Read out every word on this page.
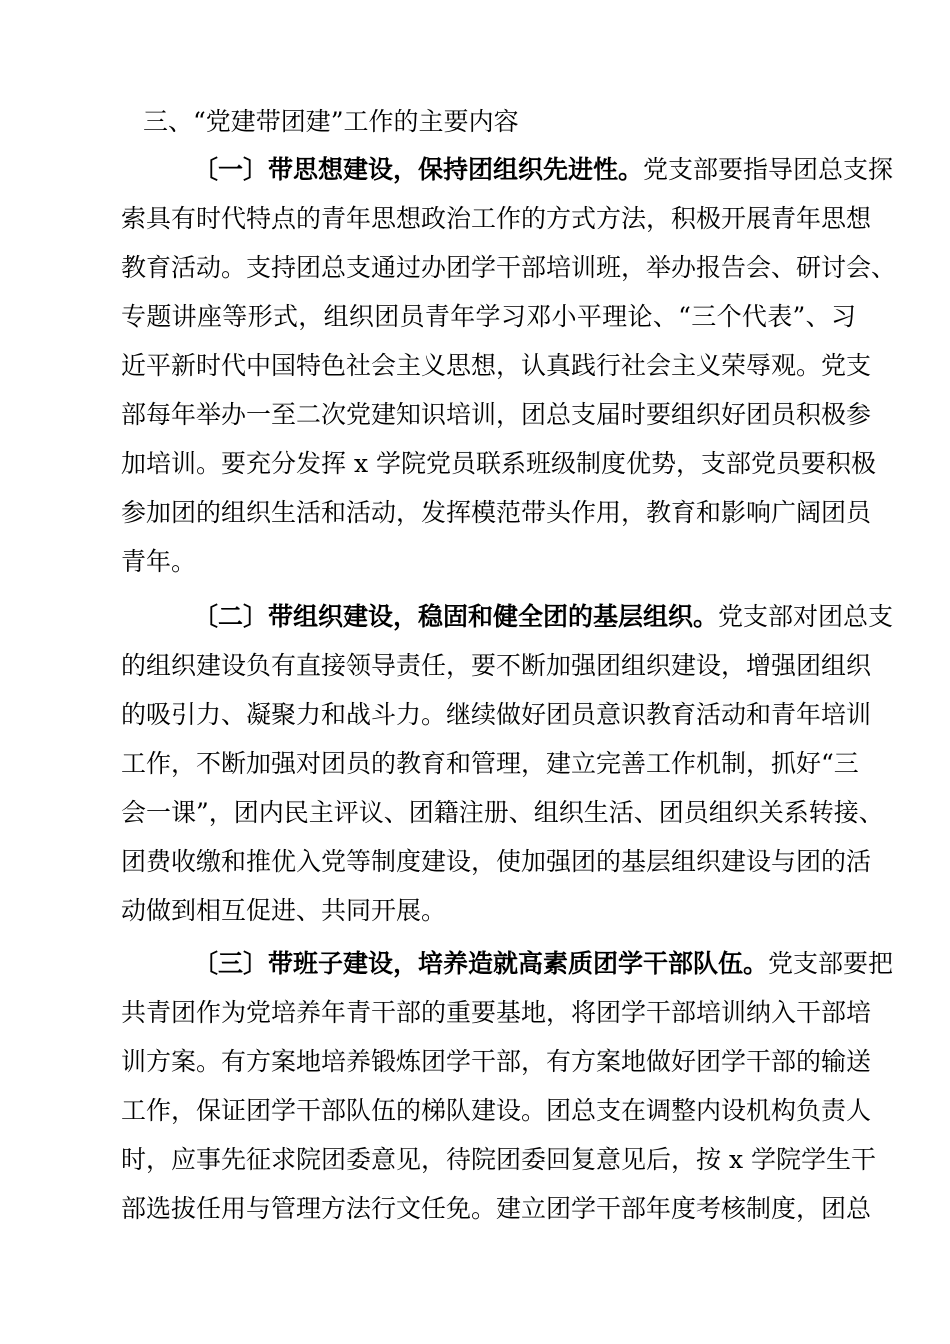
三、“党建带团建”工作的主要内容
〔一〕带思想建设，保持团组织先进性。党支部要指导团总支探
索具有时代特点的青年思想政治工作的方式方法，积极开展青年思想
教育活动。支持团总支通过办团学干部培训班，举办报告会、研讨会、
专题讲座等形式，组织团员青年学习邓小平理论、“三个代表”、习
近平新时代中国特色社会主义思想，认真践行社会主义荣辱观。党支
部每年举办一至二次党建知识培训，团总支届时要组织好团员积极参
加培训。要充分发挥 x 学院党员联系班级制度优势，支部党员要积极
参加团的组织生活和活动，发挥模范带头作用，教育和影响广阔团员
青年。
〔二〕带组织建设，稳固和健全团的基层组织。党支部对团总支
的组织建设负有直接领导责任，要不断加强团组织建设，增强团组织
的吸引力、凝聚力和战斗力。继续做好团员意识教育活动和青年培训
工作，不断加强对团员的教育和管理，建立完善工作机制，抓好“三
会一课”，团内民主评议、团籍注册、组织生活、团员组织关系转接、
团费收缴和推优入党等制度建设，使加强团的基层组织建设与团的活
动做到相互促进、共同开展。
〔三〕带班子建设，培养造就高素质团学干部队伍。党支部要把
共青团作为党培养年青干部的重要基地，将团学干部培训纳入干部培
训方案。有方案地培养锻炼团学干部，有方案地做好团学干部的输送
工作，保证团学干部队伍的梯队建设。团总支在调整内设机构负责人
时，应事先征求院团委意见，待院团委回复意见后，按 x 学院学生干
部选拔任用与管理方法行文任免。建立团学干部年度考核制度，团总
